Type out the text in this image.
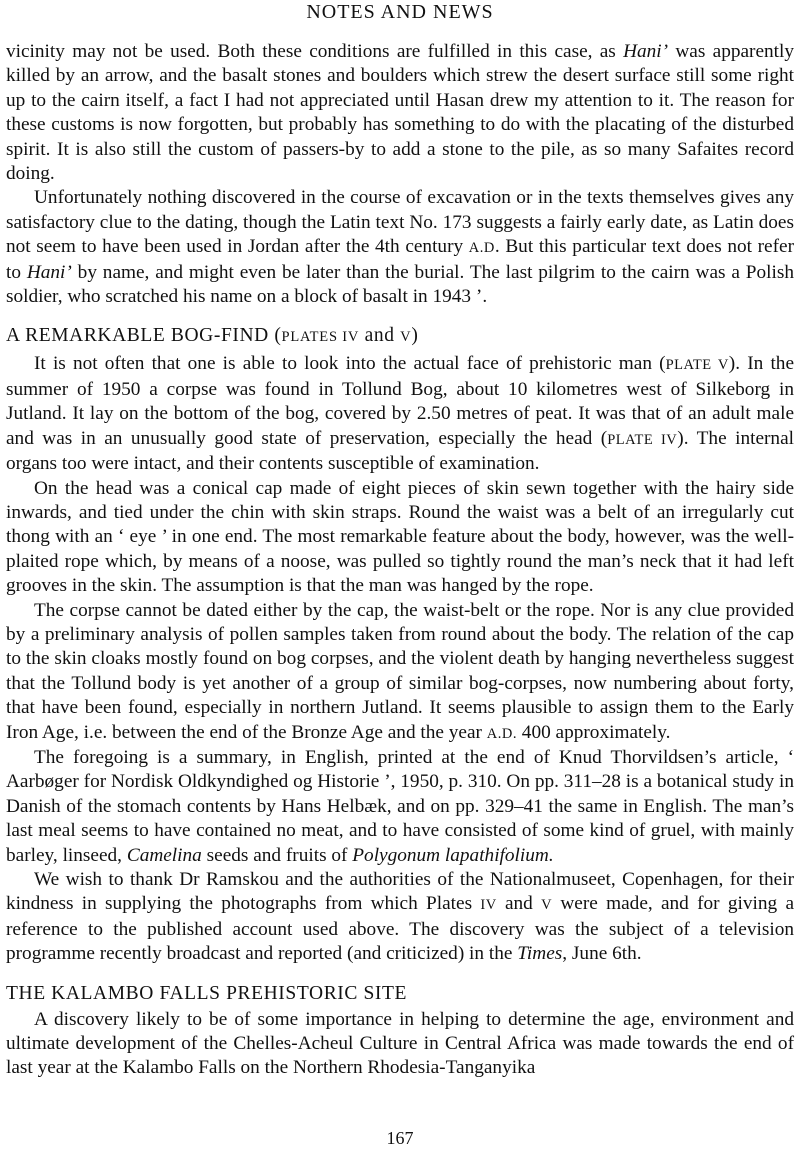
NOTES AND NEWS

vicinity may not be used. Both these conditions are fulfilled in this case, as Hani’ was apparently killed by an arrow, and the basalt stones and boulders which strew the desert surface still some right up to the cairn itself, a fact I had not appreciated until Hasan drew my attention to it. The reason for these customs is now forgotten, but probably has something to do with the placating of the disturbed spirit. It is also still the custom of passers-by to add a stone to the pile, as so many Safaites record doing.

Unfortunately nothing discovered in the course of excavation or in the texts themselves gives any satisfactory clue to the dating, though the Latin text No. 173 suggests a fairly early date, as Latin does not seem to have been used in Jordan after the 4th century A.D. But this particular text does not refer to Hani’ by name, and might even be later than the burial. The last pilgrim to the cairn was a Polish soldier, who scratched his name on a block of basalt in 1943 ’.

A REMARKABLE BOG-FIND (PLATES IV and V)

It is not often that one is able to look into the actual face of prehistoric man (PLATE V). In the summer of 1950 a corpse was found in Tollund Bog, about 10 kilometres west of Silkeborg in Jutland. It lay on the bottom of the bog, covered by 2.50 metres of peat. It was that of an adult male and was in an unusually good state of preservation, especially the head (PLATE IV). The internal organs too were intact, and their contents susceptible of examination.

On the head was a conical cap made of eight pieces of skin sewn together with the hairy side inwards, and tied under the chin with skin straps. Round the waist was a belt of an irregularly cut thong with an ‘ eye ’ in one end. The most remarkable feature about the body, however, was the well-plaited rope which, by means of a noose, was pulled so tightly round the man’s neck that it had left grooves in the skin. The assumption is that the man was hanged by the rope.

The corpse cannot be dated either by the cap, the waist-belt or the rope. Nor is any clue provided by a preliminary analysis of pollen samples taken from round about the body. The relation of the cap to the skin cloaks mostly found on bog corpses, and the violent death by hanging nevertheless suggest that the Tollund body is yet another of a group of similar bog-corpses, now numbering about forty, that have been found, especially in northern Jutland. It seems plausible to assign them to the Early Iron Age, i.e. between the end of the Bronze Age and the year A.D. 400 approximately.

The foregoing is a summary, in English, printed at the end of Knud Thorvildsen’s article, ‘ Aarbøger for Nordisk Oldkyndighed og Historie ’, 1950, p. 310. On pp. 311–28 is a botanical study in Danish of the stomach contents by Hans Helbæk, and on pp. 329–41 the same in English. The man’s last meal seems to have contained no meat, and to have consisted of some kind of gruel, with mainly barley, linseed, Camelina seeds and fruits of Polygonum lapathifolium.

We wish to thank Dr Ramskou and the authorities of the Nationalmuseet, Copenhagen, for their kindness in supplying the photographs from which Plates IV and V were made, and for giving a reference to the published account used above. The discovery was the subject of a television programme recently broadcast and reported (and criticized) in the Times, June 6th.

THE KALAMBO FALLS PREHISTORIC SITE

A discovery likely to be of some importance in helping to determine the age, environment and ultimate development of the Chelles-Acheul Culture in Central Africa was made towards the end of last year at the Kalambo Falls on the Northern Rhodesia-Tanganyika

167
